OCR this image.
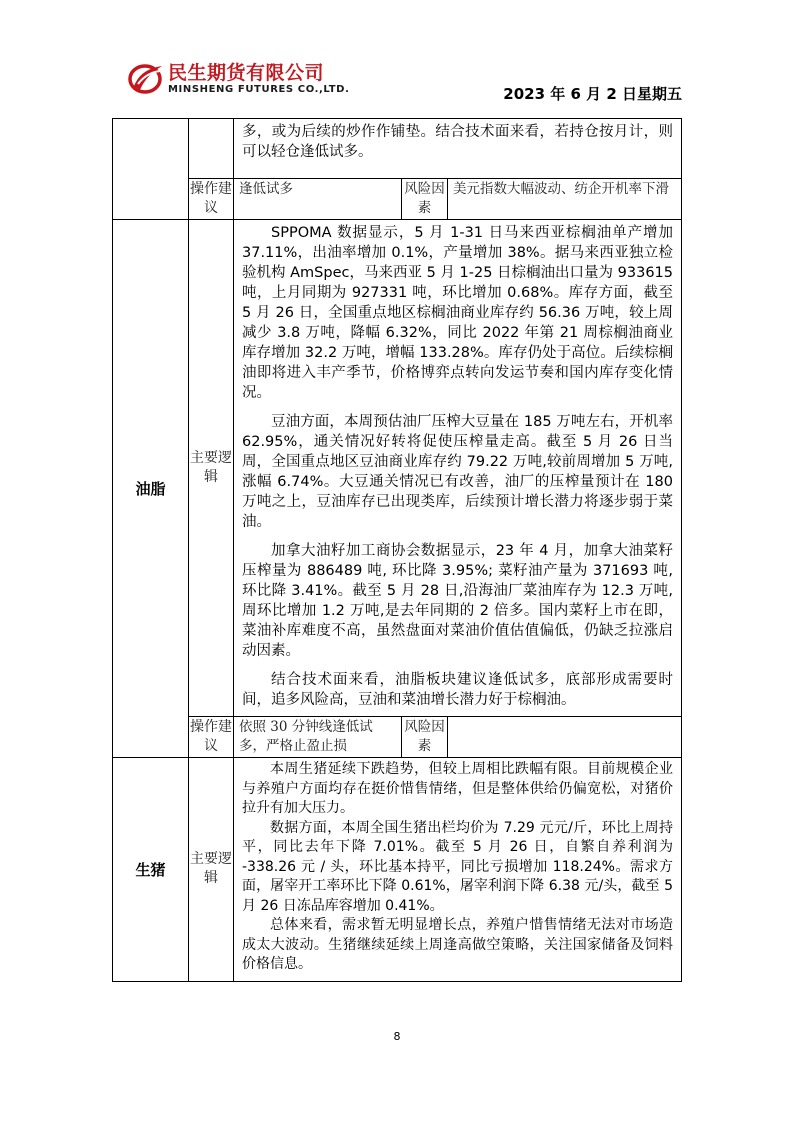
民生期货有限公司
MINSHENG FUTURES CO.,LTD.	2023 年 6 月 2 日星期五

		多，或为后续的炒作作铺垫。结合技术面来看，若持仓按月计，则可以轻仓逢低试多。		

	操作建议	逢低试多	风险因素	美元指数大幅波动、纺企开机率下滑
油脂	主要逻辑	SPPOMA 数据显示，5 月 1-31 日马来西亚棕榈油单产增加 37.11%，出油率增加 0.1%，产量增加 38%。据马来西亚独立检验机构 AmSpec，马来西亚 5 月 1-25 日棕榈油出口量为 933615 吨，上月同期为 927331 吨，环比增加 0.68%。库存方面，截至 5 月 26 日，全国重点地区棕榈油商业库存约 56.36 万吨，较上周减少 3.8 万吨，降幅 6.32%，同比 2022 年第 21 周棕榈油商业库存增加 32.2 万吨，增幅 133.28%。库存仍处于高位。后续棕榈油即将进入丰产季节，价格博弈点转向发运节奏和国内库存变化情况。

豆油方面，本周预估油厂压榨大豆量在 185 万吨左右，开机率 62.95%，通关情况好转将促使压榨量走高。截至 5 月 26 日当周，全国重点地区豆油商业库存约 79.22 万吨,较前周增加 5 万吨,涨幅 6.74%。大豆通关情况已有改善，油厂的压榨量预计在 180 万吨之上，豆油库存已出现类库，后续预计增长潜力将逐步弱于菜油。

加拿大油籽加工商协会数据显示，23 年 4 月，加拿大油菜籽压榨量为 886489 吨, 环比降 3.95%; 菜籽油产量为 371693 吨, 环比降 3.41%。截至 5 月 28 日,沿海油厂菜油库存为 12.3 万吨,周环比增加 1.2 万吨,是去年同期的 2 倍多。国内菜籽上市在即，菜油补库难度不高，虽然盘面对菜油价值估值偏低，仍缺乏拉涨启动因素。

结合技术面来看，油脂板块建议逢低试多，底部形成需要时间，追多风险高，豆油和菜油增长潜力好于棕榈油。		

	操作建议	依照 30 分钟线逢低试多，严格止盈止损	风险因素	
生猪	主要逻辑	本周生猪延续下跌趋势，但较上周相比跌幅有限。目前规模企业与养殖户方面均存在挺价惜售情绪，但是整体供给仍偏宽松，对猪价拉升有加大压力。

数据方面，本周全国生猪出栏均价为 7.29 元元/斤，环比上周持平，同比去年下降 7.01%。截至 5 月 26 日，自繁自养利润为 -338.26 元 / 头，环比基本持平，同比亏损增加 118.24%。需求方面，屠宰开工率环比下降 0.61%，屠宰利润下降 6.38 元/头，截至 5 月 26 日冻品库容增加 0.41%。

总体来看，需求暂无明显增长点，养殖户惜售情绪无法对市场造成太大波动。生猪继续延续上周逢高做空策略，关注国家储备及饲料价格信息。		

8
